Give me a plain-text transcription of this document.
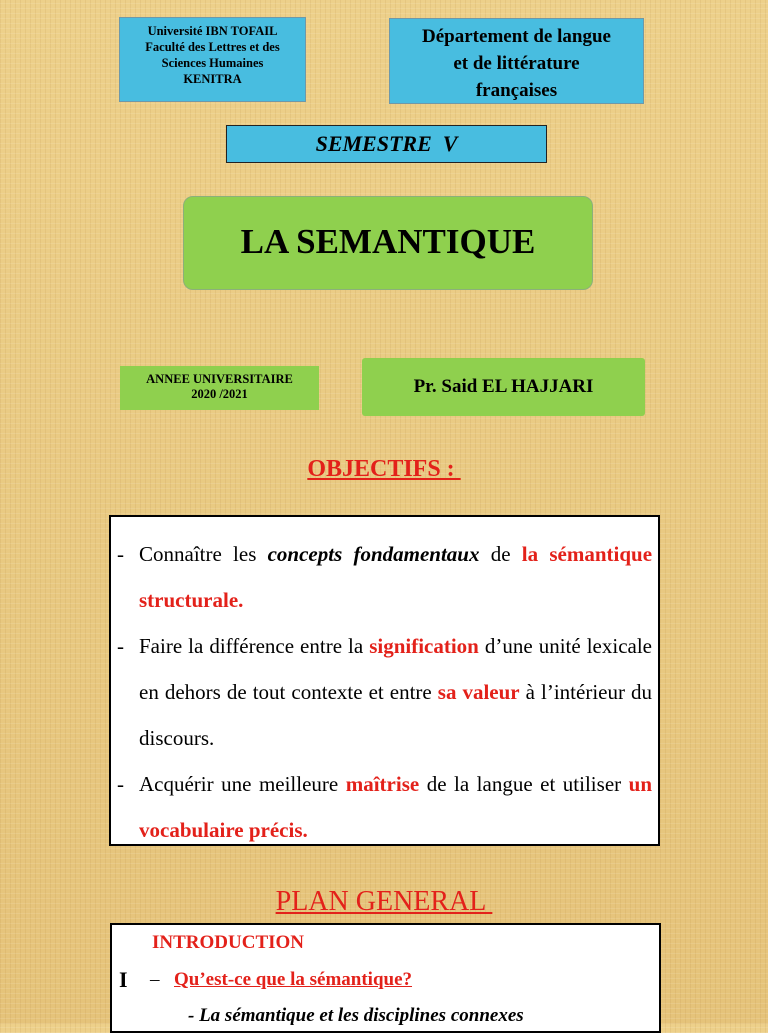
Université IBN TOFAIL
Faculté des Lettres et des
Sciences Humaines
KENITRA
Département de langue
et de littérature
françaises
SEMESTRE  V
LA SEMANTIQUE
ANNEE UNIVERSITAIRE
2020 /2021	Pr. Said EL HAJJARI
OBJECTIFS :
- Connaître les concepts fondamentaux de la sémantique structurale.
- Faire la différence entre la signification d’une unité lexicale en dehors de tout contexte et entre sa valeur à l’intérieur du discours.
- Acquérir une meilleure maîtrise de la langue et utiliser un vocabulaire précis.
PLAN GENERAL
INTRODUCTION
I – Qu’est-ce que la sémantique?
- La sémantique et les disciplines connexes
